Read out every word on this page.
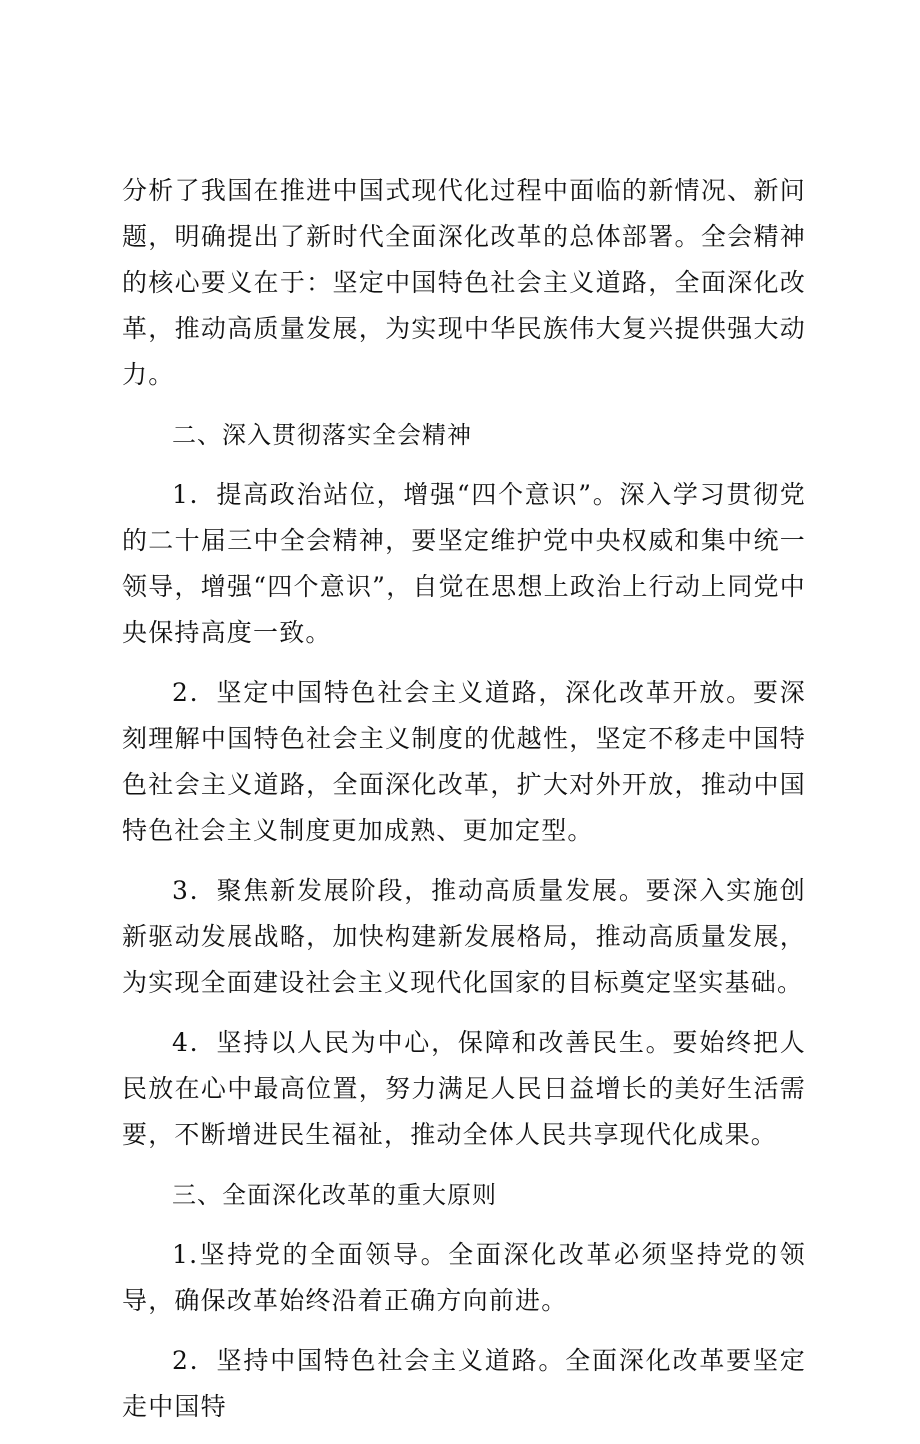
分析了我国在推进中国式现代化过程中面临的新情况、新问题，明确提出了新时代全面深化改革的总体部署。全会精神的核心要义在于：坚定中国特色社会主义道路，全面深化改革，推动高质量发展，为实现中华民族伟大复兴提供强大动力。

二、深入贯彻落实全会精神

1．提高政治站位，增强“四个意识”。深入学习贯彻党的二十届三中全会精神，要坚定维护党中央权威和集中统一领导，增强“四个意识”，自觉在思想上政治上行动上同党中央保持高度一致。

2．坚定中国特色社会主义道路，深化改革开放。要深刻理解中国特色社会主义制度的优越性，坚定不移走中国特色社会主义道路，全面深化改革，扩大对外开放，推动中国特色社会主义制度更加成熟、更加定型。

3．聚焦新发展阶段，推动高质量发展。要深入实施创新驱动发展战略，加快构建新发展格局，推动高质量发展，为实现全面建设社会主义现代化国家的目标奠定坚实基础。

4．坚持以人民为中心，保障和改善民生。要始终把人民放在心中最高位置，努力满足人民日益增长的美好生活需要，不断增进民生福祉，推动全体人民共享现代化成果。

三、全面深化改革的重大原则

1.坚持党的全面领导。全面深化改革必须坚持党的领导，确保改革始终沿着正确方向前进。

2．坚持中国特色社会主义道路。全面深化改革要坚定走中国特
